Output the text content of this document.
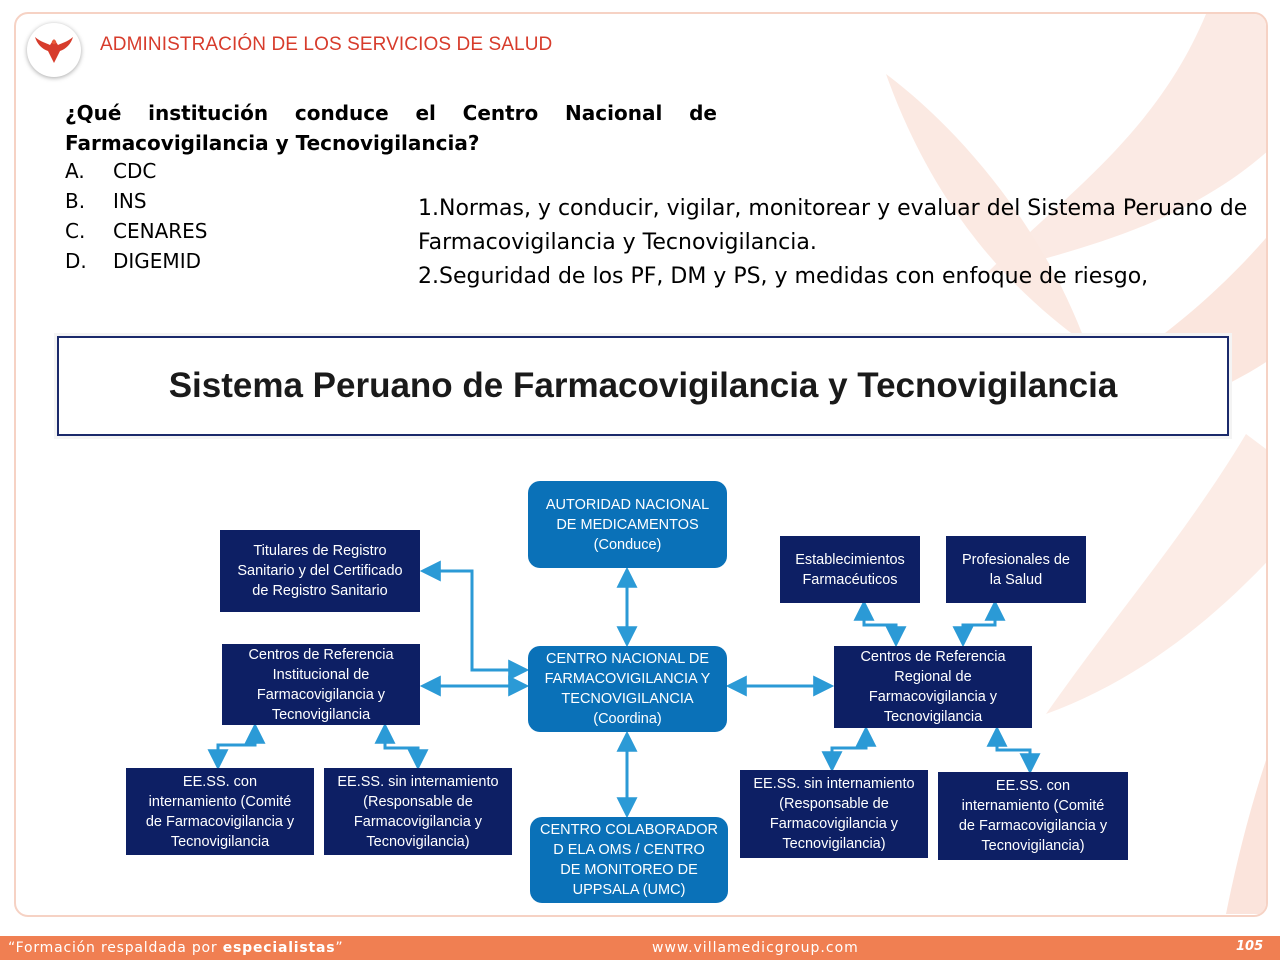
ADMINISTRACIÓN DE LOS SERVICIOS DE SALUD
¿Qué institución conduce el Centro Nacional de Farmacovigilancia y Tecnovigilancia?
A. CDC
B. INS
C. CENARES
D. DIGEMID
1.Normas, y conducir, vigilar, monitorear y evaluar del Sistema Peruano de Farmacovigilancia y Tecnovigilancia.
2.Seguridad de los PF, DM y PS, y medidas con enfoque de riesgo,
Sistema Peruano de Farmacovigilancia y Tecnovigilancia
AUTORIDAD NACIONAL
DE MEDICAMENTOS
(Conduce)
CENTRO NACIONAL DE
FARMACOVIGILANCIA Y
TECNOVIGILANCIA
(Coordina)
CENTRO COLABORADOR
D ELA OMS / CENTRO
DE MONITOREO DE
UPPSALA (UMC)
Titulares de Registro
Sanitario y del Certificado
de Registro Sanitario
Centros de Referencia
Institucional de
Farmacovigilancia y
Tecnovigilancia
EE.SS. con
internamiento (Comité
de Farmacovigilancia y
Tecnovigilancia
EE.SS. sin internamiento
(Responsable de
Farmacovigilancia y
Tecnovigilancia)
Establecimientos
Farmacéuticos
Profesionales de
la Salud
Centros de Referencia
Regional de
Farmacovigilancia y
Tecnovigilancia
EE.SS. sin internamiento
(Responsable de
Farmacovigilancia y
Tecnovigilancia)
EE.SS. con
internamiento (Comité
de Farmacovigilancia y
Tecnovigilancia)
“Formación respaldada por especialistas”	www.villamedicgroup.com	105
